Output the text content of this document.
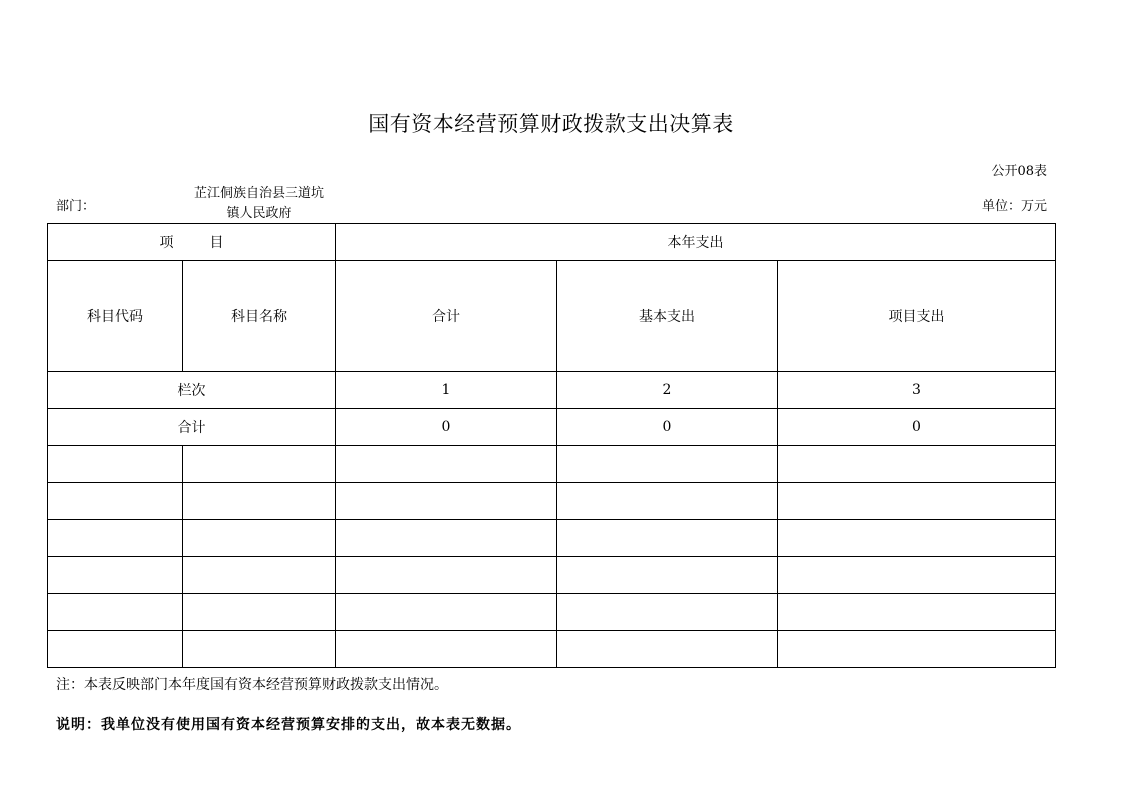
国有资本经营预算财政拨款支出决算表
公开08表
部门：
芷江侗族自治县三道坑
镇人民政府	单位：万元
项 目		本年支出		
科目代码	科目名称	合计	基本支出	项目支出
栏次		1	2	3
合计		0	0	0

注：本表反映部门本年度国有资本经营预算财政拨款支出情况。
说明：我单位没有使用国有资本经营预算安排的支出，故本表无数据。
